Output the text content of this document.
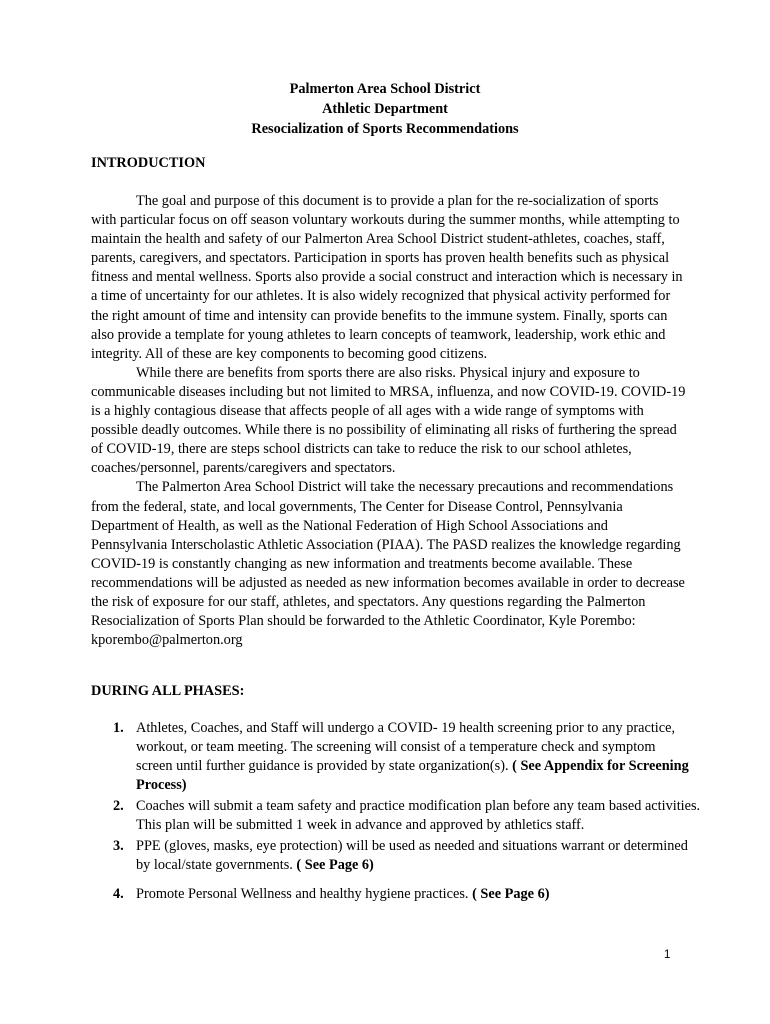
Palmerton Area School District
Athletic Department
Resocialization of Sports Recommendations
INTRODUCTION

The goal and purpose of this document is to provide a plan for the re-socialization of sports with particular focus on off season voluntary workouts during the summer months, while attempting to maintain the health and safety of our Palmerton Area School District student-athletes, coaches, staff, parents, caregivers, and spectators. Participation in sports has proven health benefits such as physical fitness and mental wellness. Sports also provide a social construct and interaction which is necessary in a time of uncertainty for our athletes. It is also widely recognized that physical activity performed for the right amount of time and intensity can provide benefits to the immune system. Finally, sports can also provide a template for young athletes to learn concepts of teamwork, leadership, work ethic and integrity. All of these are key components to becoming good citizens.

While there are benefits from sports there are also risks. Physical injury and exposure to communicable diseases including but not limited to MRSA, influenza, and now COVID-19. COVID-19 is a highly contagious disease that affects people of all ages with a wide range of symptoms with possible deadly outcomes. While there is no possibility of eliminating all risks of furthering the spread of COVID-19, there are steps school districts can take to reduce the risk to our school athletes, coaches/personnel, parents/caregivers and spectators.

The Palmerton Area School District will take the necessary precautions and recommendations from the federal, state, and local governments, The Center for Disease Control, Pennsylvania Department of Health, as well as the National Federation of High School Associations and Pennsylvania Interscholastic Athletic Association (PIAA). The PASD realizes the knowledge regarding COVID-19 is constantly changing as new information and treatments become available. These recommendations will be adjusted as needed as new information becomes available in order to decrease the risk of exposure for our staff, athletes, and spectators. Any questions regarding the Palmerton Resocialization of Sports Plan should be forwarded to the Athletic Coordinator, Kyle Porembo: kporembo@palmerton.org

DURING ALL PHASES:
1. Athletes, Coaches, and Staff will undergo a COVID- 19 health screening prior to any practice, workout, or team meeting. The screening will consist of a temperature check and symptom screen until further guidance is provided by state organization(s). ( See Appendix for Screening Process)
2. Coaches will submit a team safety and practice modification plan before any team based activities. This plan will be submitted 1 week in advance and approved by athletics staff.
3. PPE (gloves, masks, eye protection) will be used as needed and situations warrant or determined by local/state governments. ( See Page 6)
4. Promote Personal Wellness and healthy hygiene practices. ( See Page 6)
1
